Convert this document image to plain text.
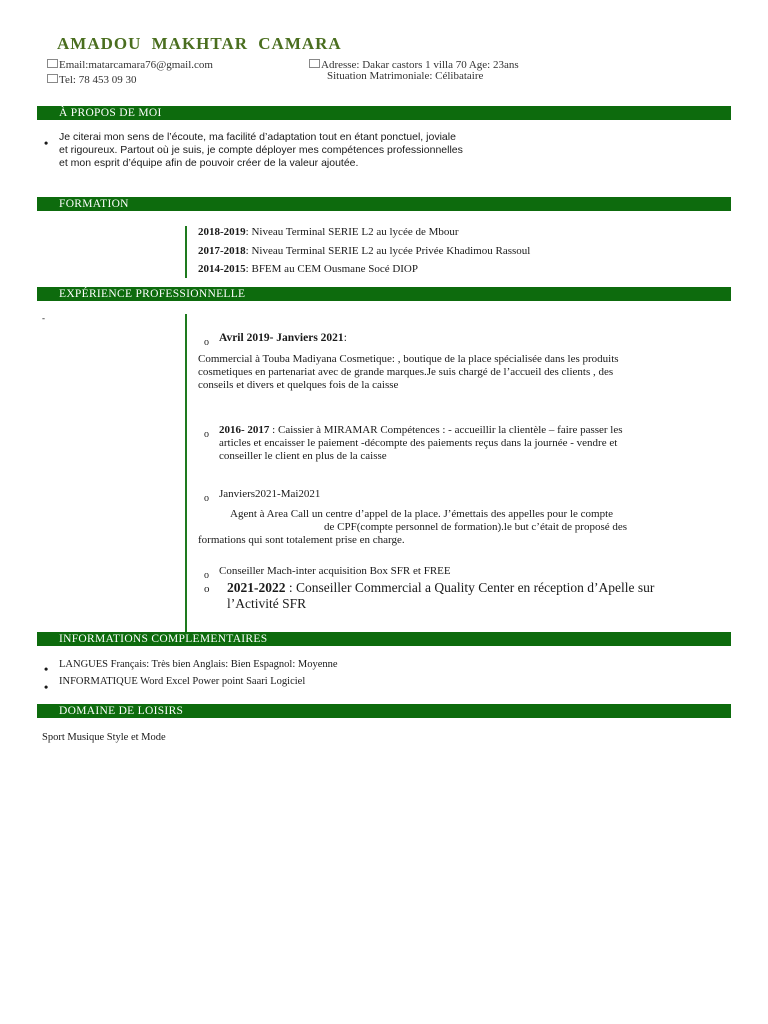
AMADOU MAKHTAR CAMARA
Email:matarcamara76@gmail.com
Tel: 78 453 09 30
Adresse: Dakar castors 1 villa 70 Age: 23ans
Situation Matrimoniale: Célibataire
À PROPOS DE MOI
• Je citerai mon sens de l’écoute, ma facilité d’adaptation tout en étant ponctuel, joviale
et rigoureux. Partout où je suis, je compte déployer mes compétences professionnelles
et mon esprit d’équipe afin de pouvoir créer de la valeur ajoutée.
FORMATION
2018-2019: Niveau Terminal SERIE L2 au lycée de Mbour
2017-2018: Niveau Terminal SERIE L2 au lycée Privée Khadimou Rassoul
2014-2015: BFEM au CEM Ousmane Socé DIOP
EXPÉRIENCE PROFESSIONNELLE
-
o Avril 2019- Janviers 2021:
Commercial à Touba Madiyana Cosmetique: , boutique de la place spécialisée dans les produits
cosmetiques en partenariat avec de grande marques.Je suis chargé de l’accueil des clients , des
conseils et divers et quelques fois de la caisse
o 2016- 2017 : Caissier à MIRAMAR Compétences : - accueillir la clientèle – faire passer les
articles et encaisser le paiement -décompte des paiements reçus dans la journée - vendre et
conseiller le client en plus de la caisse
o Janviers2021-Mai2021
Agent à Area Call un centre d’appel de la place. J’émettais des appelles pour le compte
de CPF(compte personnel de formation).le but c’était de proposé des
formations qui sont totalement prise en charge.
o Conseiller Mach-inter acquisition Box SFR et FREE
o 2021-2022 : Conseiller Commercial a Quality Center en réception d’Apelle sur
l’Activité SFR
INFORMATIONS COMPLEMENTAIRES
• LANGUES Français: Très bien Anglais: Bien Espagnol: Moyenne
• INFORMATIQUE Word Excel Power point Saari Logiciel
DOMAINE DE LOISIRS
Sport Musique Style et Mode
